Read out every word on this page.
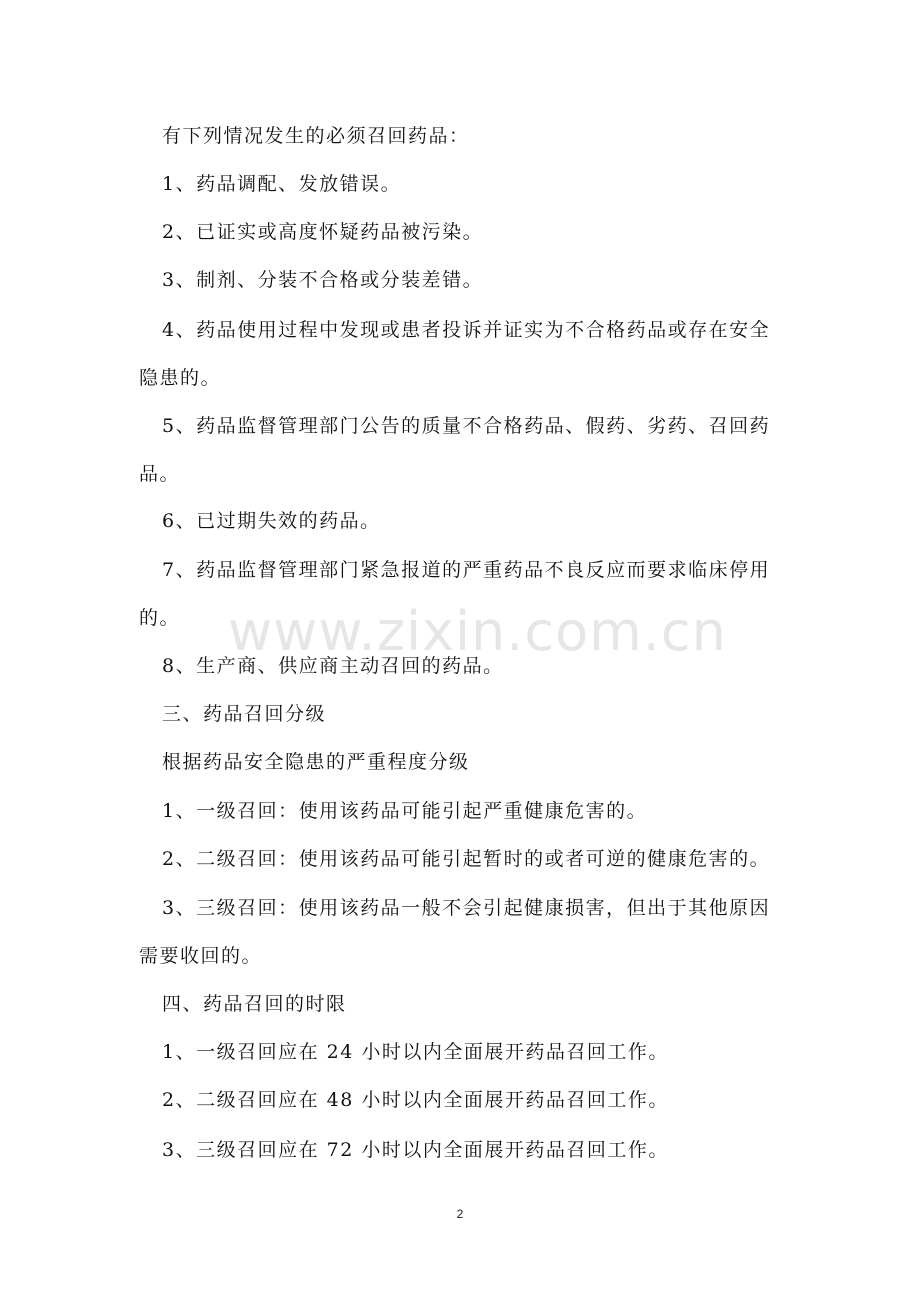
有下列情况发生的必须召回药品：

1、药品调配、发放错误。

2、已证实或高度怀疑药品被污染。

3、制剂、分装不合格或分装差错。

4、药品使用过程中发现或患者投诉并证实为不合格药品或存在安全隐患的。

5、药品监督管理部门公告的质量不合格药品、假药、劣药、召回药品。

6、已过期失效的药品。

7、药品监督管理部门紧急报道的严重药品不良反应而要求临床停用的。

8、生产商、供应商主动召回的药品。

三、药品召回分级

根据药品安全隐患的严重程度分级

1、一级召回：使用该药品可能引起严重健康危害的。

2、二级召回：使用该药品可能引起暂时的或者可逆的健康危害的。

3、三级召回：使用该药品一般不会引起健康损害，但出于其他原因需要收回的。

四、药品召回的时限

1、一级召回应在 24 小时以内全面展开药品召回工作。

2、二级召回应在 48 小时以内全面展开药品召回工作。

3、三级召回应在 72 小时以内全面展开药品召回工作。

www.zixin.com.cn
2
